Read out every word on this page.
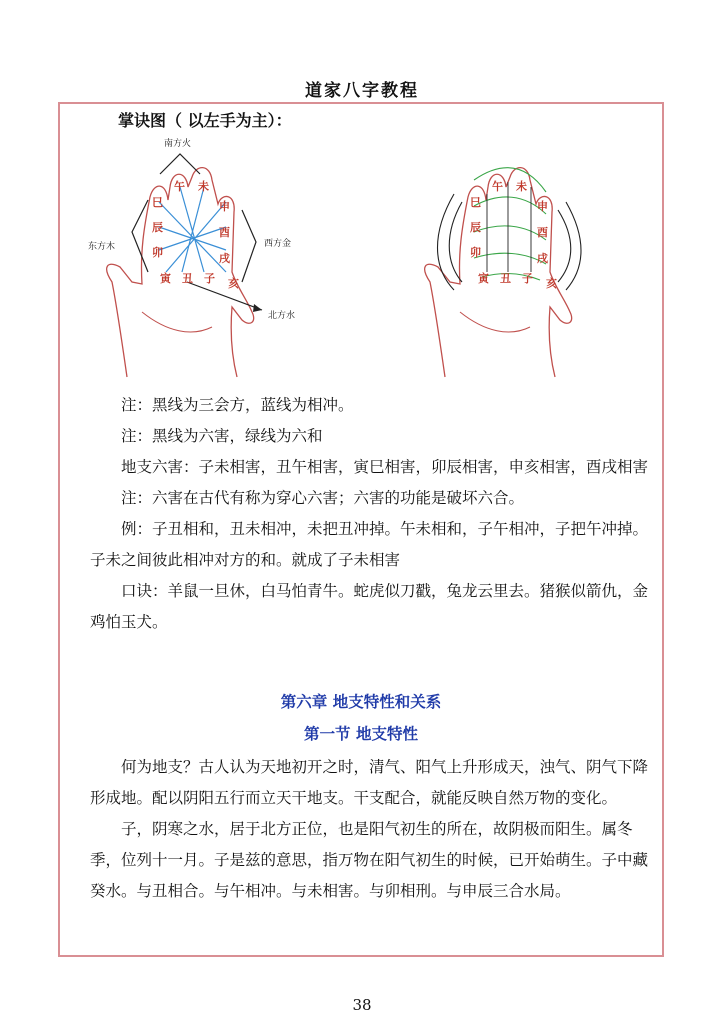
道家八字教程
掌诀图（ 以左手为主）：
南方火
东方木	西方金
北方水
巳
辰
卯
午 未
申
酉
戌
寅 丑 子 亥
巳
辰
卯
午 未
申
酉
戌
寅 丑 子 亥

注：黑线为三会方，蓝线为相冲。

注：黑线为六害，绿线为六和

地支六害：子未相害，丑午相害，寅巳相害，卯辰相害，申亥相害，酉戌相害

注：六害在古代有称为穿心六害；六害的功能是破坏六合。

例：子丑相和，丑未相冲，未把丑冲掉。午未相和，子午相冲，子把午冲掉。子未之间彼此相冲对方的和。就成了子未相害

口诀：羊鼠一旦休，白马怕青牛。蛇虎似刀戳，兔龙云里去。猪猴似箭仇，金鸡怕玉犬。

第六章 地支特性和关系
第一节 地支特性

何为地支？古人认为天地初开之时，清气、阳气上升形成天，浊气、阴气下降形成地。配以阴阳五行而立天干地支。干支配合，就能反映自然万物的变化。

子，阴寒之水，居于北方正位，也是阳气初生的所在，故阴极而阳生。属冬季，位列十一月。子是兹的意思，指万物在阳气初生的时候，已开始萌生。子中藏癸水。与丑相合。与午相冲。与未相害。与卯相刑。与申辰三合水局。

38
